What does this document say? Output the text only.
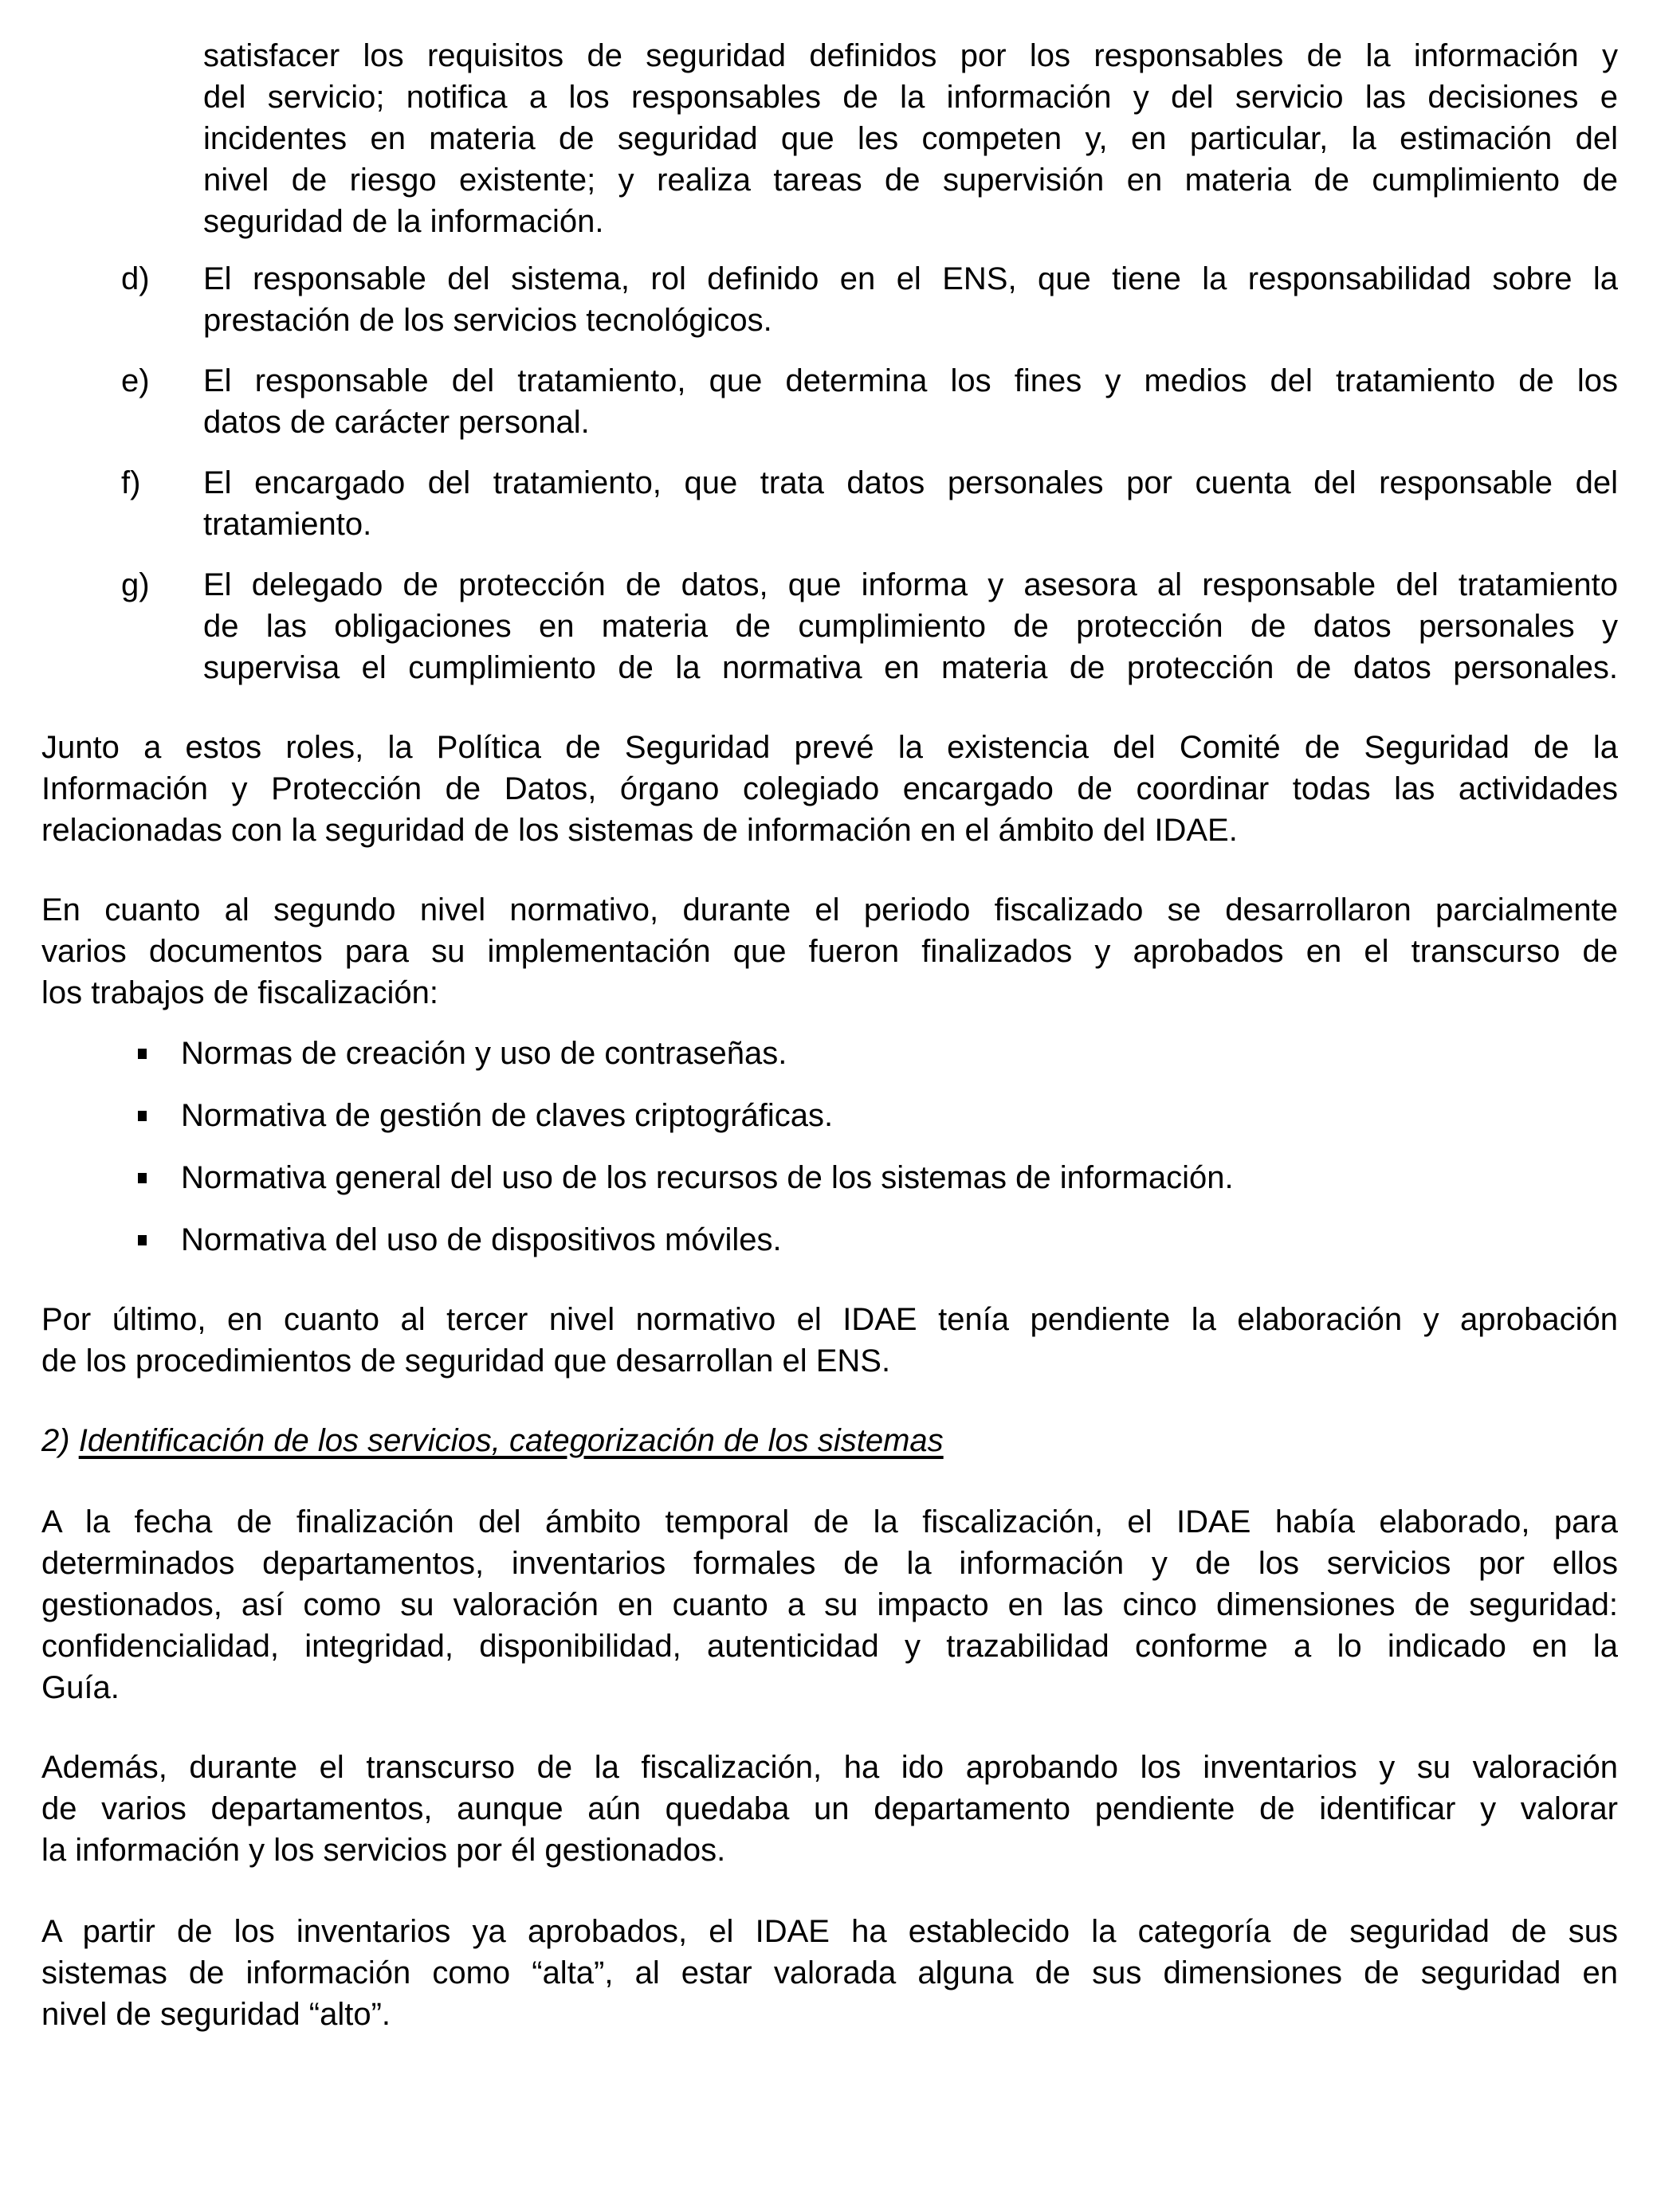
satisfacer los requisitos de seguridad definidos por los responsables de la información y
del servicio; notifica a los responsables de la información y del servicio las decisiones e
incidentes en materia de seguridad que les competen y, en particular, la estimación del
nivel de riesgo existente; y realiza tareas de supervisión en materia de cumplimiento de
seguridad de la información.
d) El responsable del sistema, rol definido en el ENS, que tiene la responsabilidad sobre la
prestación de los servicios tecnológicos.
e) El responsable del tratamiento, que determina los fines y medios del tratamiento de los
datos de carácter personal.
f) El encargado del tratamiento, que trata datos personales por cuenta del responsable del
tratamiento.
g) El delegado de protección de datos, que informa y asesora al responsable del tratamiento
de las obligaciones en materia de cumplimiento de protección de datos personales y
supervisa el cumplimiento de la normativa en materia de protección de datos personales.
Junto a estos roles, la Política de Seguridad prevé la existencia del Comité de Seguridad de la
Información y Protección de Datos, órgano colegiado encargado de coordinar todas las actividades
relacionadas con la seguridad de los sistemas de información en el ámbito del IDAE.
En cuanto al segundo nivel normativo, durante el periodo fiscalizado se desarrollaron parcialmente
varios documentos para su implementación que fueron finalizados y aprobados en el transcurso de
los trabajos de fiscalización:
Normas de creación y uso de contraseñas.
Normativa de gestión de claves criptográficas.
Normativa general del uso de los recursos de los sistemas de información.
Normativa del uso de dispositivos móviles.
Por último, en cuanto al tercer nivel normativo el IDAE tenía pendiente la elaboración y aprobación
de los procedimientos de seguridad que desarrollan el ENS.
2) Identificación de los servicios, categorización de los sistemas
A la fecha de finalización del ámbito temporal de la fiscalización, el IDAE había elaborado, para
determinados departamentos, inventarios formales de la información y de los servicios por ellos
gestionados, así como su valoración en cuanto a su impacto en las cinco dimensiones de seguridad:
confidencialidad, integridad, disponibilidad, autenticidad y trazabilidad conforme a lo indicado en la
Guía.
Además, durante el transcurso de la fiscalización, ha ido aprobando los inventarios y su valoración
de varios departamentos, aunque aún quedaba un departamento pendiente de identificar y valorar
la información y los servicios por él gestionados.
A partir de los inventarios ya aprobados, el IDAE ha establecido la categoría de seguridad de sus
sistemas de información como “alta”, al estar valorada alguna de sus dimensiones de seguridad en
nivel de seguridad “alto”.
